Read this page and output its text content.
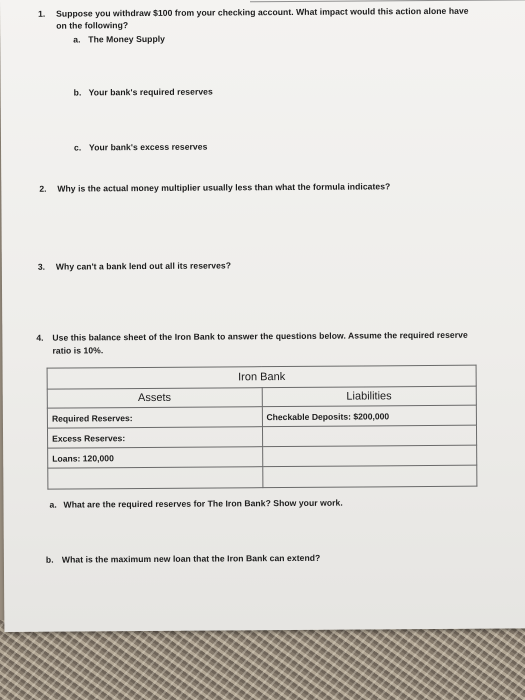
1. Suppose you withdraw $100 from your checking account. What impact would this action alone have
on the following?
a. The Money Supply
b. Your bank's required reserves
c. Your bank's excess reserves
2. Why is the actual money multiplier usually less than what the formula indicates?
3. Why can't a bank lend out all its reserves?
4. Use this balance sheet of the Iron Bank to answer the questions below. Assume the required reserve
ratio is 10%.
Iron Bank	
Assets	Liabilities
Required Reserves:	Checkable Deposits: $200,000
Excess Reserves:	
Loans: 120,000	

a. What are the required reserves for The Iron Bank? Show your work.
b. What is the maximum new loan that the Iron Bank can extend?
